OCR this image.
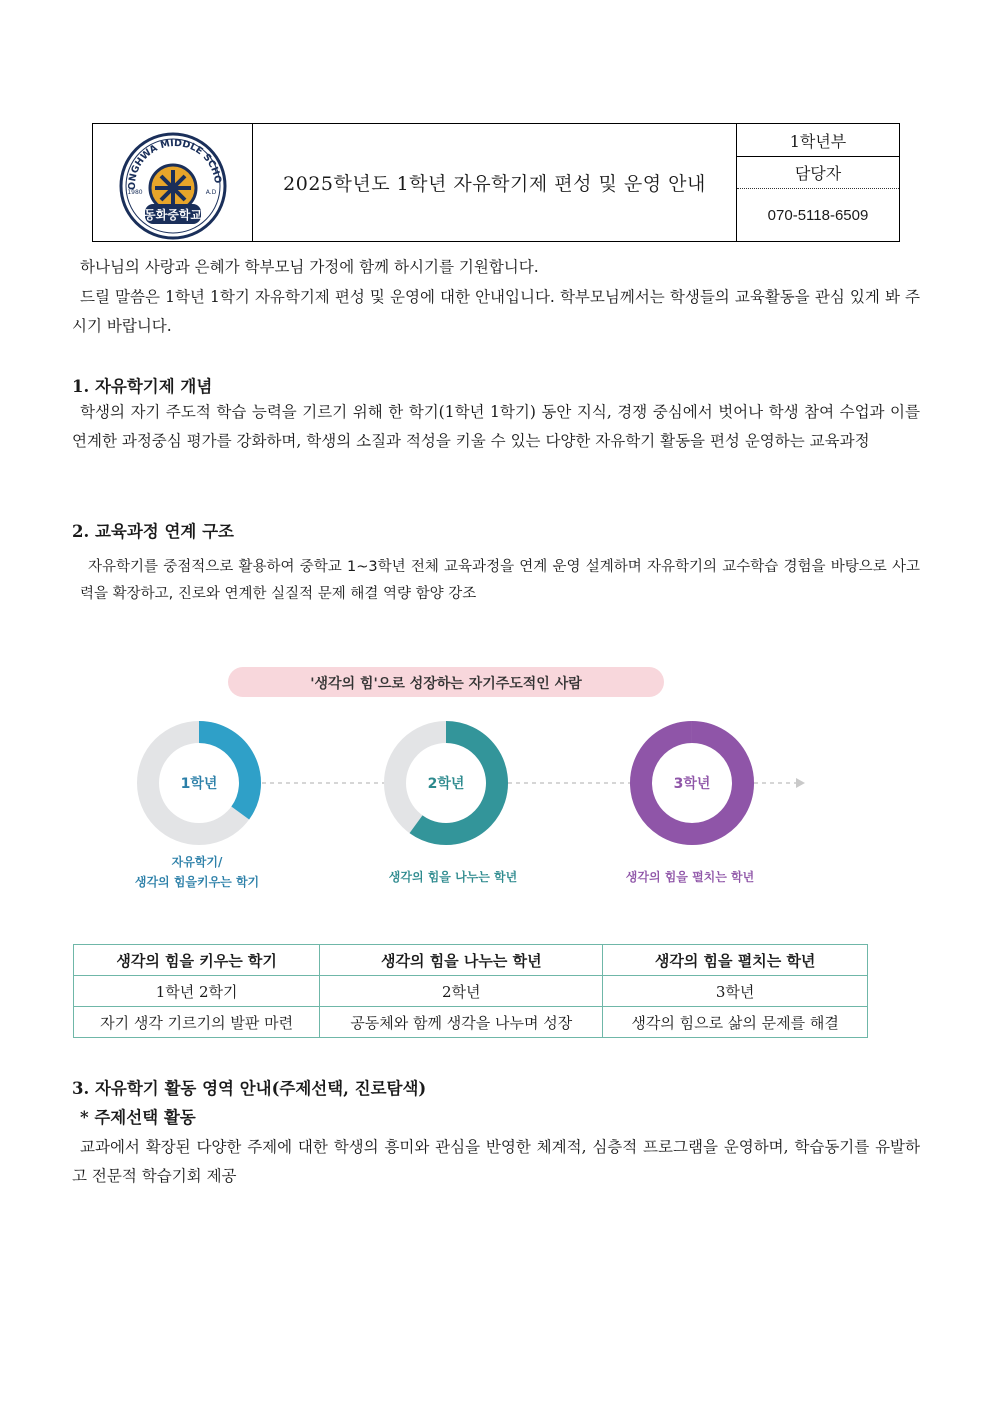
ONGHWA MIDDLE SCHO
동화중학교
1980	A.D	2025학년도 1학년 자유학기제 편성 및 운영 안내
1학년부
담당자
070-5118-6509
하나님의 사랑과 은혜가 학부모님 가정에 함께 하시기를 기원합니다.
드릴 말씀은 1학년 1학기 자유학기제 편성 및 운영에 대한 안내입니다. 학부모님께서는 학생들의 교육활동을 관심 있게 봐 주시기 바랍니다.
1. 자유학기제 개념
학생의 자기 주도적 학습 능력을 기르기 위해 한 학기(1학년 1학기) 동안 지식, 경쟁 중심에서 벗어나 학생 참여 수업과 이를 연계한 과정중심 평가를 강화하며, 학생의 소질과 적성을 키울 수 있는 다양한 자유학기 활동을 편성 운영하는 교육과정
2. 교육과정 연계 구조
자유학기를 중점적으로 활용하여 중학교 1~3학년 전체 교육과정을 연계 운영 설계하며 자유학기의 교수학습 경험을 바탕으로 사고력을 확장하고, 진로와 연계한 실질적 문제 해결 역량 함양 강조
'생각의 힘'으로 성장하는 자기주도적인 사람
1학년
자유학기/
생각의 힘을키우는 학기
2학년
생각의 힘을 나누는 학년
3학년
생각의 힘을 펼치는 학년
생각의 힘을 키우는 학기	생각의 힘을 나누는 학년	생각의 힘을 펼치는 학년
1학년 2학기	2학년	3학년
자기 생각 기르기의 발판 마련	공동체와 함께 생각을 나누며 성장	생각의 힘으로 삶의 문제를 해결
3. 자유학기 활동 영역 안내(주제선택, 진로탐색)
* 주제선택 활동
교과에서 확장된 다양한 주제에 대한 학생의 흥미와 관심을 반영한 체계적, 심층적 프로그램을 운영하며, 학습동기를 유발하고 전문적 학습기회 제공
